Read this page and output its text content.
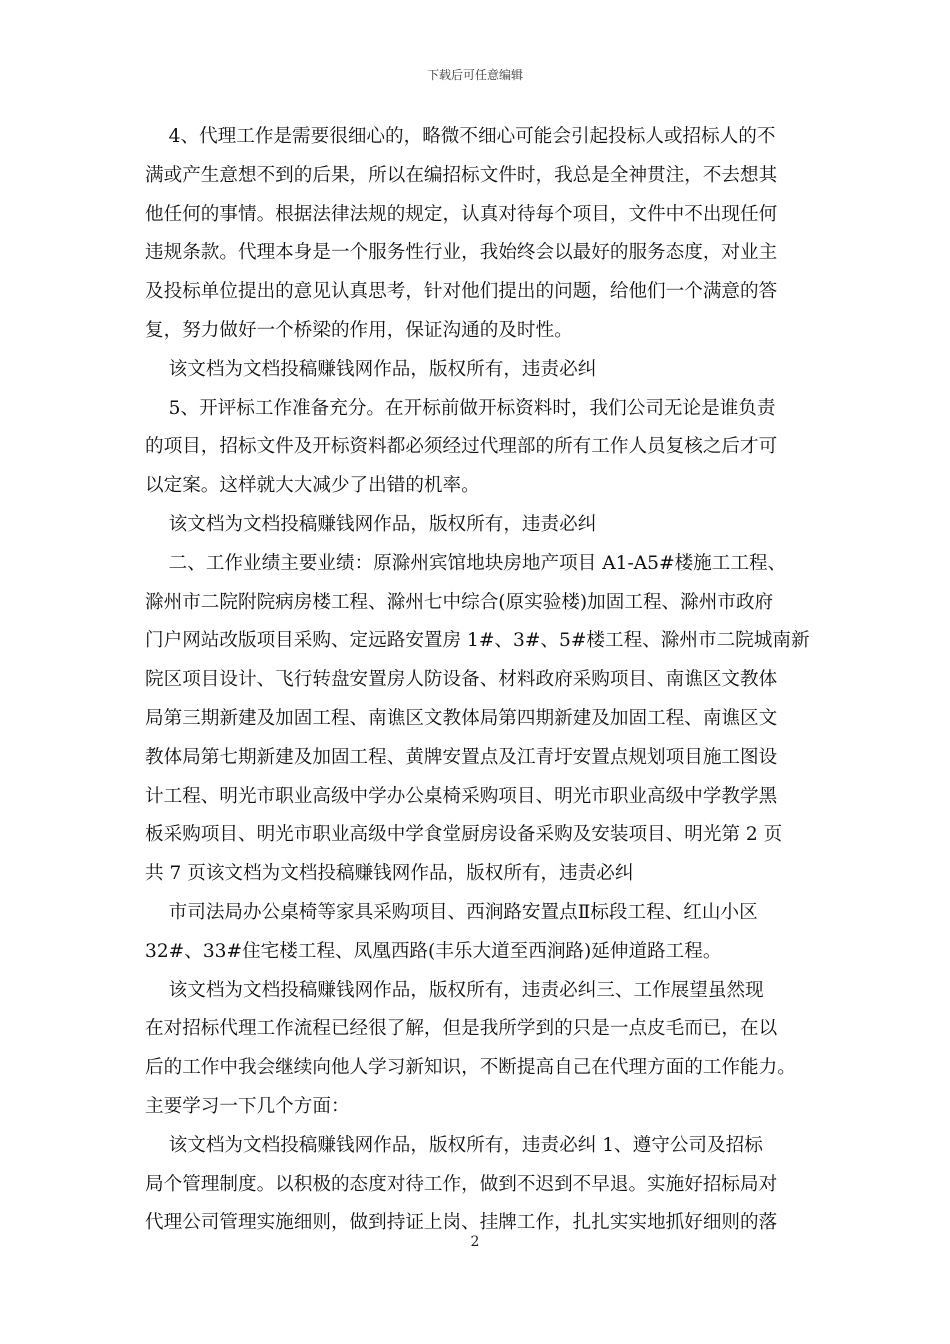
下载后可任意编辑
4、代理工作是需要很细心的，略微不细心可能会引起投标人或招标人的不
满或产生意想不到的后果，所以在编招标文件时，我总是全神贯注，不去想其
他任何的事情。根据法律法规的规定，认真对待每个项目，文件中不出现任何
违规条款。代理本身是一个服务性行业，我始终会以最好的服务态度，对业主
及投标单位提出的意见认真思考，针对他们提出的问题，给他们一个满意的答
复，努力做好一个桥梁的作用，保证沟通的及时性。
该文档为文档投稿赚钱网作品，版权所有，违责必纠
5、开评标工作准备充分。在开标前做开标资料时，我们公司无论是谁负责
的项目，招标文件及开标资料都必须经过代理部的所有工作人员复核之后才可
以定案。这样就大大减少了出错的机率。
该文档为文档投稿赚钱网作品，版权所有，违责必纠
二、工作业绩主要业绩：原滁州宾馆地块房地产项目 A1-A5#楼施工工程、
滁州市二院附院病房楼工程、滁州七中综合(原实验楼)加固工程、滁州市政府
门户网站改版项目采购、定远路安置房 1#、3#、5#楼工程、滁州市二院城南新
院区项目设计、飞行转盘安置房人防设备、材料政府采购项目、南谯区文教体
局第三期新建及加固工程、南谯区文教体局第四期新建及加固工程、南谯区文
教体局第七期新建及加固工程、黄牌安置点及江青圩安置点规划项目施工图设
计工程、明光市职业高级中学办公桌椅采购项目、明光市职业高级中学教学黑
板采购项目、明光市职业高级中学食堂厨房设备采购及安装项目、明光第 2 页
共 7 页该文档为文档投稿赚钱网作品，版权所有，违责必纠
市司法局办公桌椅等家具采购项目、西涧路安置点Ⅱ标段工程、红山小区
32#、33#住宅楼工程、凤凰西路(丰乐大道至西涧路)延伸道路工程。
该文档为文档投稿赚钱网作品，版权所有，违责必纠三、工作展望虽然现
在对招标代理工作流程已经很了解，但是我所学到的只是一点皮毛而已，在以
后的工作中我会继续向他人学习新知识，不断提高自己在代理方面的工作能力。
主要学习一下几个方面：
该文档为文档投稿赚钱网作品，版权所有，违责必纠 1、遵守公司及招标
局个管理制度。以积极的态度对待工作，做到不迟到不早退。实施好招标局对
代理公司管理实施细则，做到持证上岗、挂牌工作，扎扎实实地抓好细则的落
2
